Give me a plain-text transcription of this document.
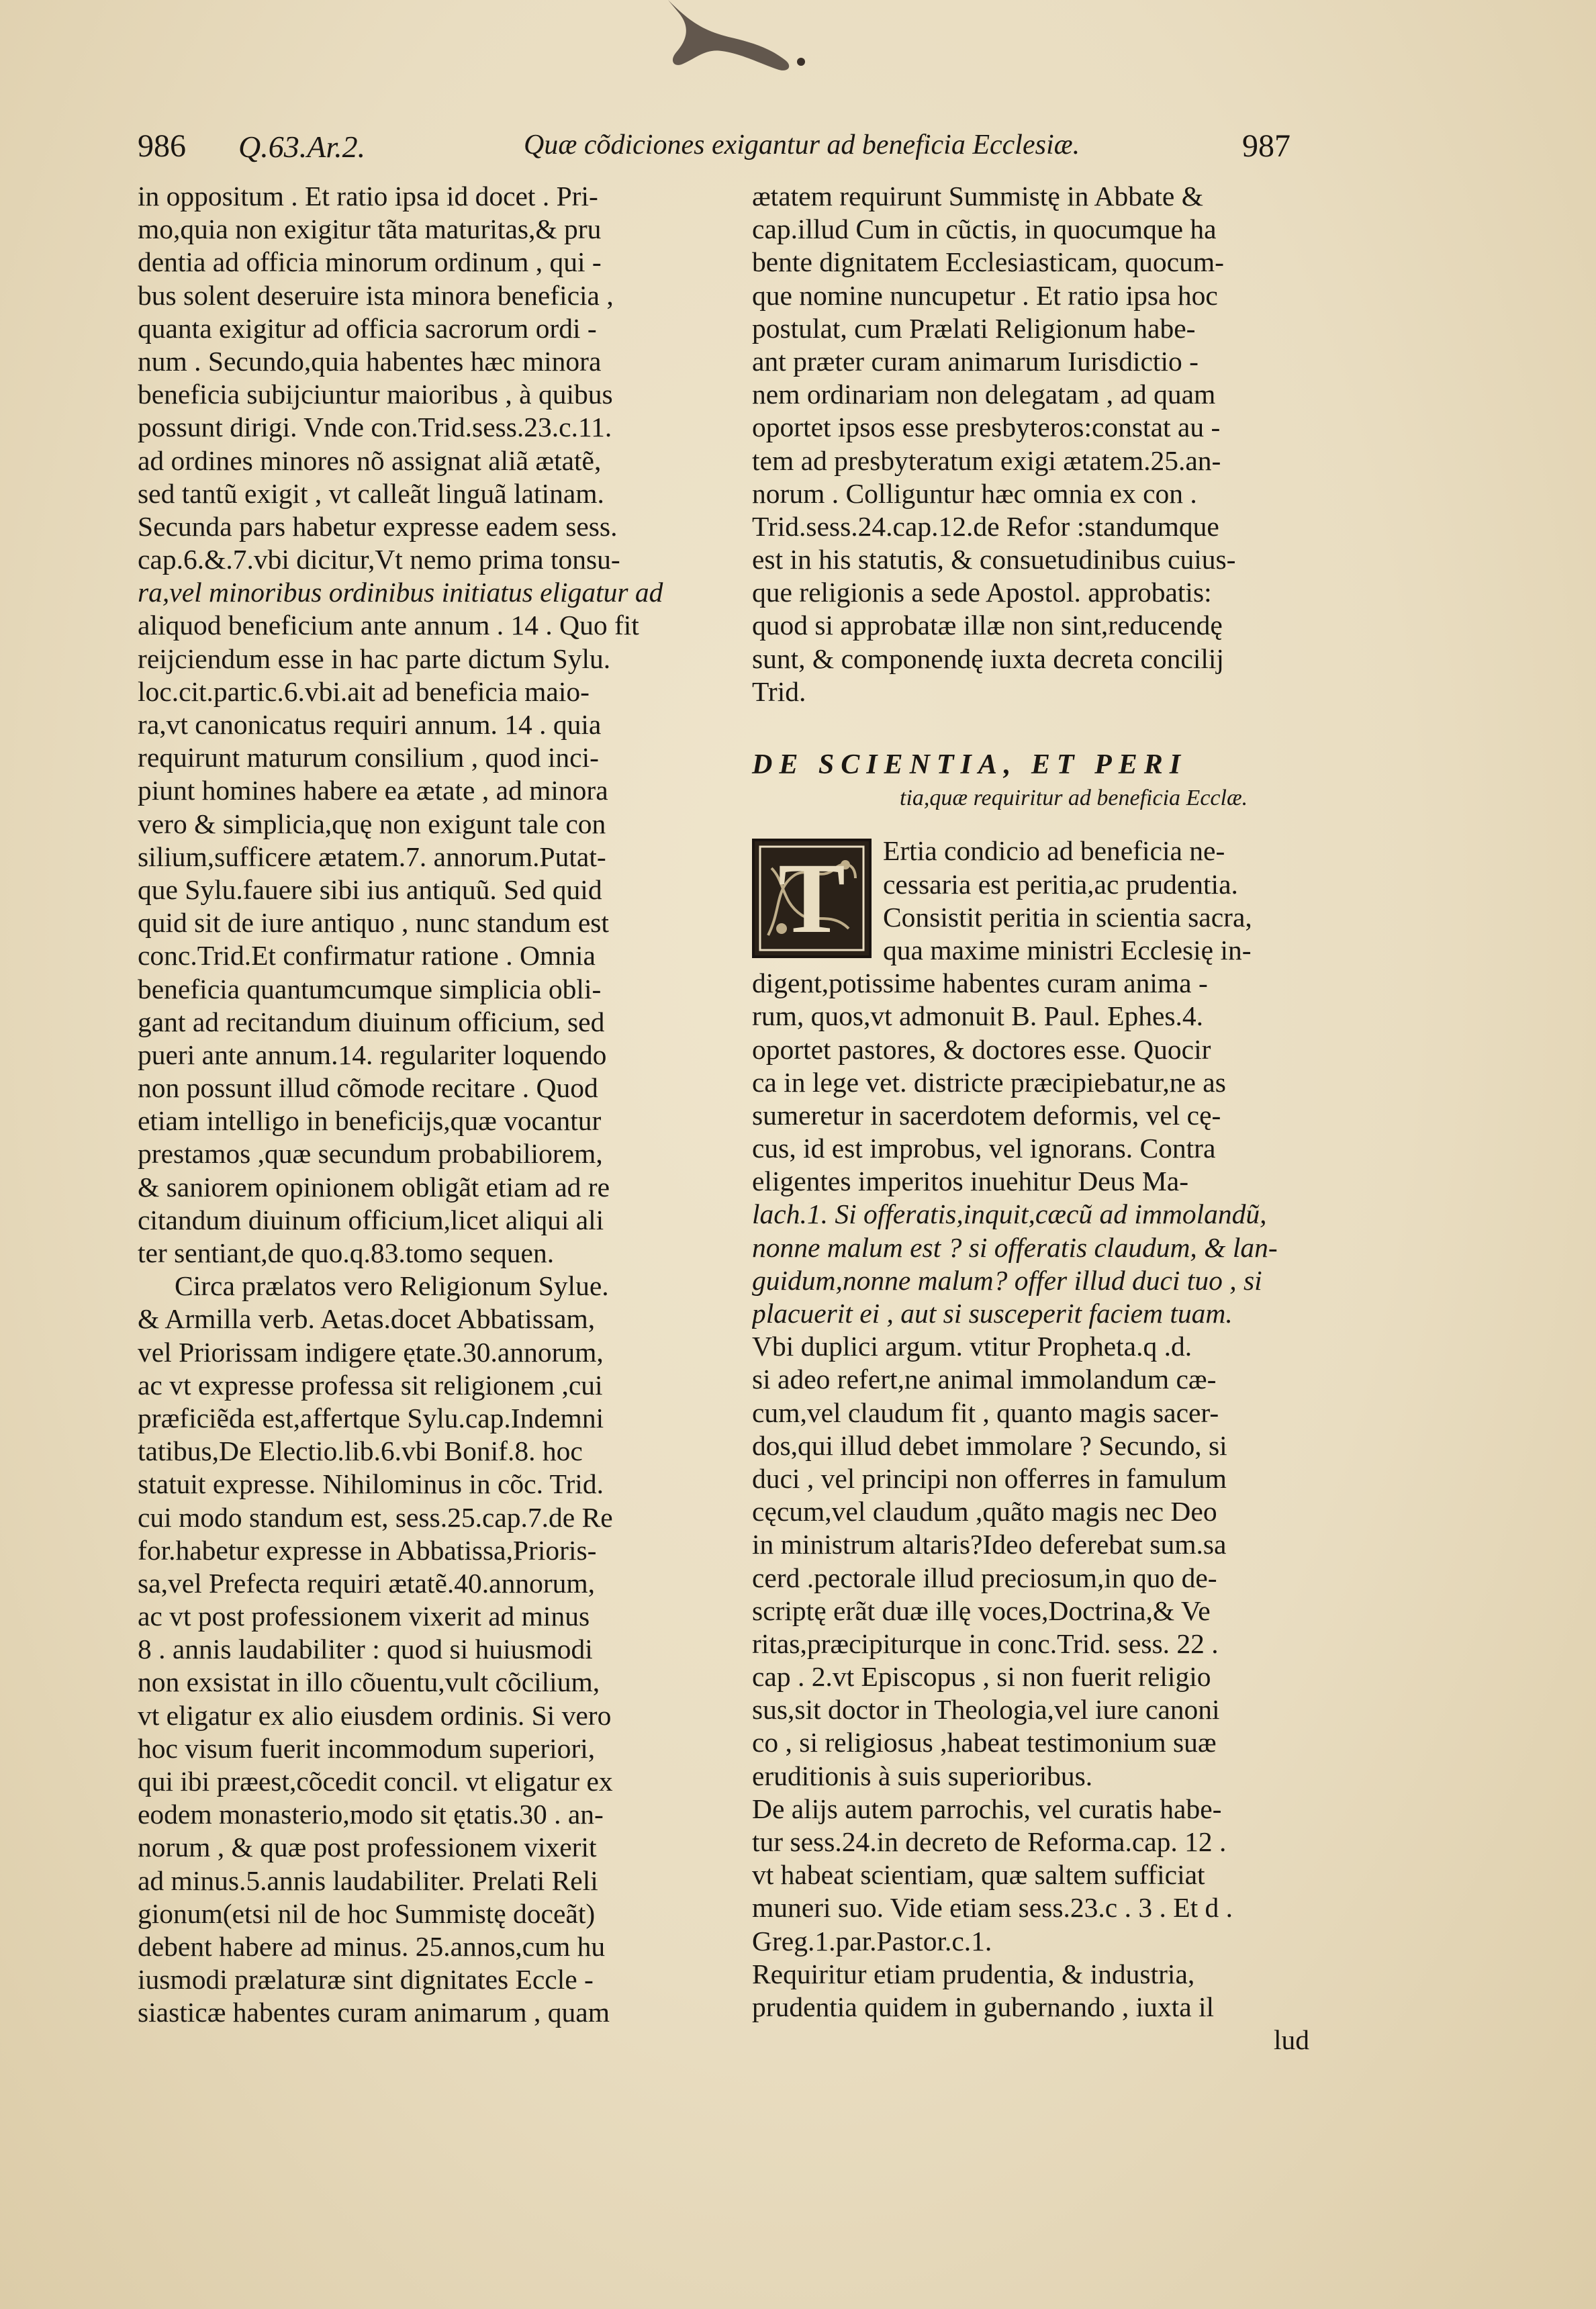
986 Q.63.Ar.2.	Quæ cõdiciones exigantur ad beneficia Ecclesiæ.	987
in oppositum . Et ratio ipsa id docet . Pri-
mo,quia non exigitur tãta maturitas,& pru
dentia ad officia minorum ordinum , qui -
bus solent deseruire ista minora beneficia ,
quanta exigitur ad officia sacrorum ordi -
num . Secundo,quia habentes hæc minora
beneficia subijciuntur maioribus , à quibus
possunt dirigi. Vnde con.Trid.sess.23.c.11.
ad ordines minores nõ assignat aliã ætatẽ,
sed tantũ exigit , vt calleãt linguã latinam.
Secunda pars habetur expresse eadem sess.
cap.6.&.7.vbi dicitur,Vt nemo prima tonsu-
ra,vel minoribus ordinibus initiatus eligatur ad
aliquod beneficium ante annum . 14 . Quo fit
reijciendum esse in hac parte dictum Sylu.
loc.cit.partic.6.vbi.ait ad beneficia maio-
ra,vt canonicatus requiri annum. 14 . quia
requirunt maturum consilium , quod inci-
piunt homines habere ea ætate , ad minora
vero & simplicia,quę non exigunt tale con
silium,sufficere ætatem.7. annorum.Putat-
que Sylu.fauere sibi ius antiquũ. Sed quid
quid sit de iure antiquo , nunc standum est
conc.Trid.Et confirmatur ratione . Omnia
beneficia quantumcumque simplicia obli-
gant ad recitandum diuinum officium, sed
pueri ante annum.14. regulariter loquendo
non possunt illud cõmode recitare . Quod
etiam intelligo in beneficijs,quæ vocantur
prestamos ,quæ secundum probabiliorem,
& saniorem opinionem obligãt etiam ad re
citandum diuinum officium,licet aliqui ali
ter sentiant,de quo.q.83.tomo sequen.
Circa prælatos vero Religionum Sylue.
& Armilla verb. Aetas.docet Abbatissam,
vel Priorissam indigere ętate.30.annorum,
ac vt expresse professa sit religionem ,cui
præficiẽda est,affertque Sylu.cap.Indemni
tatibus,De Electio.lib.6.vbi Bonif.8. hoc
statuit expresse. Nihilominus in cõc. Trid.
cui modo standum est, sess.25.cap.7.de Re
for.habetur expresse in Abbatissa,Prioris-
sa,vel Prefecta requiri ætatẽ.40.annorum,
ac vt post professionem vixerit ad minus
8 . annis laudabiliter : quod si huiusmodi
non exsistat in illo cõuentu,vult cõcilium,
vt eligatur ex alio eiusdem ordinis. Si vero
hoc visum fuerit incommodum superiori,
qui ibi præest,cõcedit concil. vt eligatur ex
eodem monasterio,modo sit ętatis.30 . an-
norum , & quæ post professionem vixerit
ad minus.5.annis laudabiliter. Prelati Reli
gionum(etsi nil de hoc Summistę doceãt)
debent habere ad minus. 25.annos,cum hu
iusmodi prælaturæ sint dignitates Eccle -
siasticæ habentes curam animarum , quam
ætatem requirunt Summistę in Abbate &
cap.illud Cum in cũctis, in quocumque ha
bente dignitatem Ecclesiasticam, quocum-
que nomine nuncupetur . Et ratio ipsa hoc
postulat, cum Prælati Religionum habe-
ant præter curam animarum Iurisdictio -
nem ordinariam non delegatam , ad quam
oportet ipsos esse presbyteros:constat au -
tem ad presbyteratum exigi ætatem.25.an-
norum . Colliguntur hæc omnia ex con .
Trid.sess.24.cap.12.de Refor :standumque
est in his statutis, & consuetudinibus cuius-
que religionis a sede Apostol. approbatis:
quod si approbatæ illæ non sint,reducendę
sunt, & componendę iuxta decreta concilij
Trid.
DE SCIENTIA, ET PERI
tia,quæ requiritur ad beneficia Ecclæ.
T	Ertia condicio ad beneficia ne-
cessaria est peritia,ac prudentia.
Consistit peritia in scientia sacra,
qua maxime ministri Ecclesię in-
digent,potissime habentes curam anima -
rum, quos,vt admonuit B. Paul. Ephes.4.
oportet pastores, & doctores esse. Quocir
ca in lege vet. districte præcipiebatur,ne as
sumeretur in sacerdotem deformis, vel cę-
cus, id est improbus, vel ignorans. Contra
eligentes imperitos inuehitur Deus Ma-
lach.1. Si offeratis,inquit,cæcũ ad immolandũ,
nonne malum est ? si offeratis claudum, & lan-
guidum,nonne malum? offer illud duci tuo , si
placuerit ei , aut si susceperit faciem tuam.
Vbi duplici argum. vtitur Propheta.q .d.
si adeo refert,ne animal immolandum cæ-
cum,vel claudum fit , quanto magis sacer-
dos,qui illud debet immolare ? Secundo, si
duci , vel principi non offerres in famulum
cęcum,vel claudum ,quãto magis nec Deo
in ministrum altaris?Ideo deferebat sum.sa
cerd .pectorale illud preciosum,in quo de-
scriptę erãt duæ illę voces,Doctrina,& Ve
ritas,præcipiturque in conc.Trid. sess. 22 .
cap . 2.vt Episcopus , si non fuerit religio
sus,sit doctor in Theologia,vel iure canoni
co , si religiosus ,habeat testimonium suæ
eruditionis à suis superioribus.
De alijs autem parrochis, vel curatis habe-
tur sess.24.in decreto de Reforma.cap. 12 .
vt habeat scientiam, quæ saltem sufficiat
muneri suo. Vide etiam sess.23.c . 3 . Et d .
Greg.1.par.Pastor.c.1.
Requiritur etiam prudentia, & industria,
prudentia quidem in gubernando , iuxta il
lud
